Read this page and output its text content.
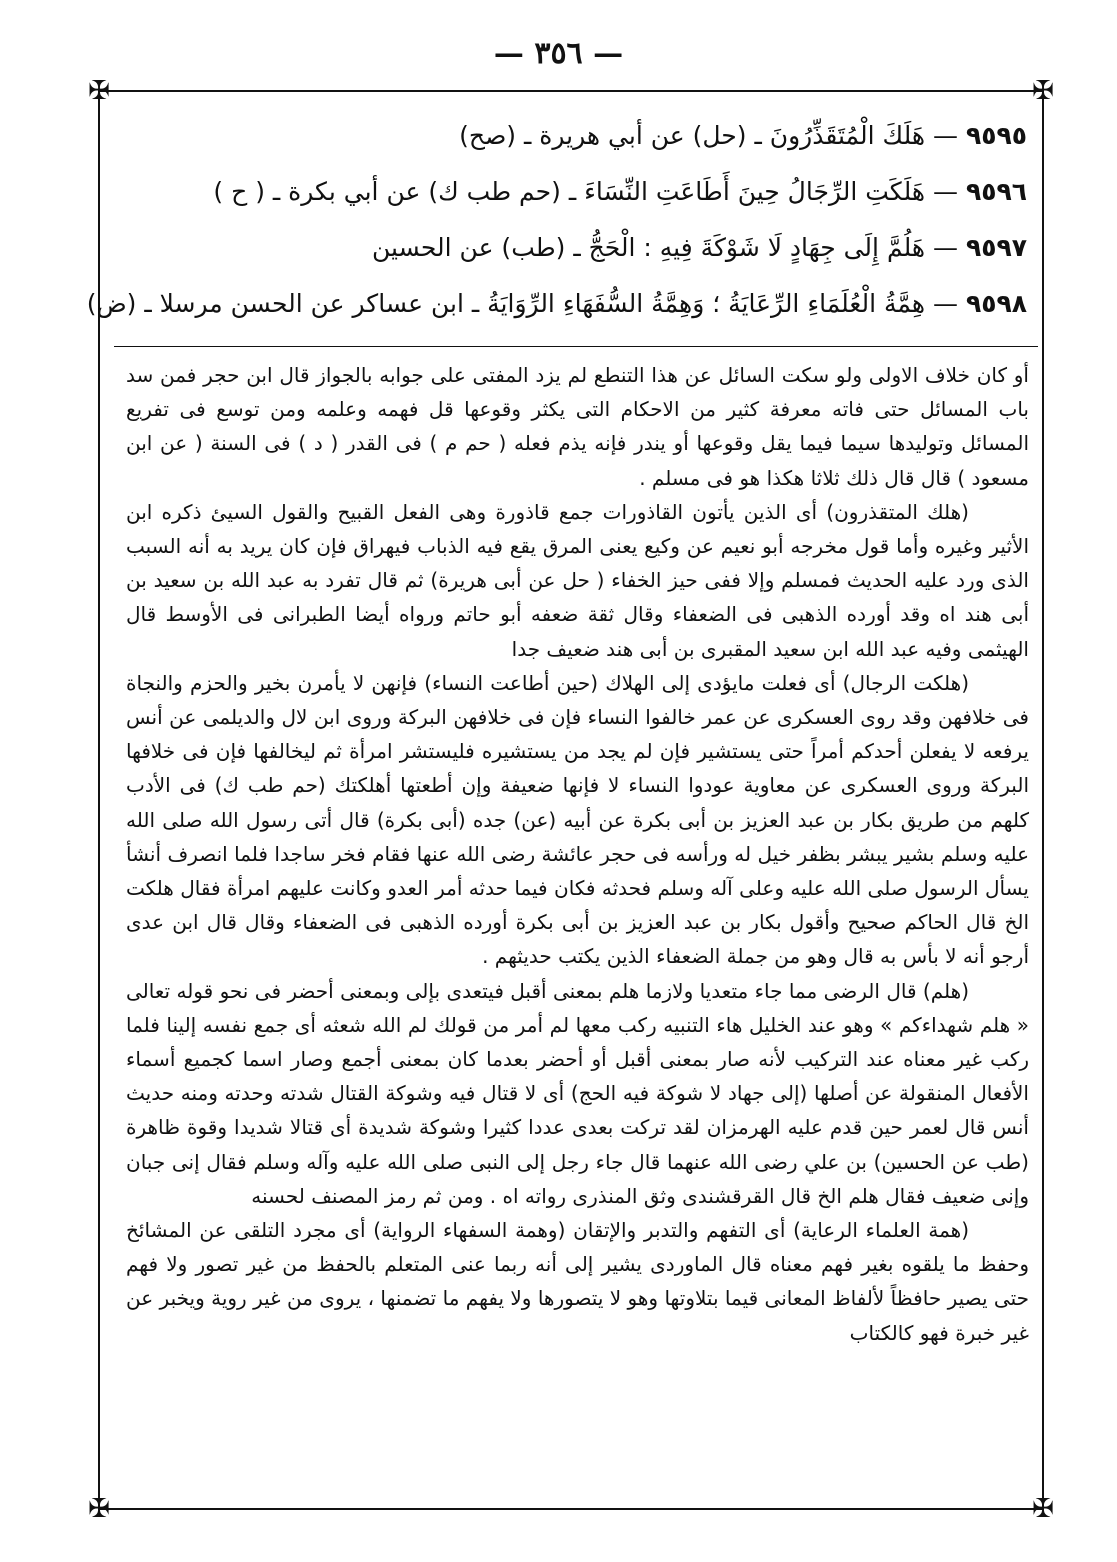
— ٣٥٦ —
✠	✠
✠	✠
٩٥٩٥ — هَلَكَ الْمُتَقَذِّرُونَ ـ (حل) عن أبي هريرة ـ (صح)
٩٥٩٦ — هَلَكَتِ الرِّجَالُ حِينَ أَطَاعَتِ النِّسَاءَ ـ (حم طب ك) عن أبي بكرة ـ ( ح )
٩٥٩٧ — هَلُمَّ إِلَى جِهَادٍ لَا شَوْكَةَ فِيهِ : الْحَجُّ ـ (طب) عن الحسين
٩٥٩٨ — هِمَّةُ الْعُلَمَاءِ الرِّعَايَةُ ؛ وَهِمَّةُ السُّفَهَاءِ الرِّوَايَةُ ـ ابن عساكر عن الحسن مرسلا ـ (ض)

أو كان خلاف الاولى ولو سكت السائل عن هذا التنطع لم يزد المفتى على جوابه بالجواز قال ابن حجر فمن سد باب المسائل حتى فاته معرفة كثير من الاحكام التى يكثر وقوعها قل فهمه وعلمه ومن توسع فى تفريع المسائل وتوليدها سيما فيما يقل وقوعها أو يندر فإنه يذم فعله ( حم م ) فى القدر ( د ) فى السنة ( عن ابن مسعود ) قال قال ذلك ثلاثا هكذا هو فى مسلم .

(هلك المتقذرون) أى الذين يأتون القاذورات جمع قاذورة وهى الفعل القبيح والقول السيئ ذكره ابن الأثير وغيره وأما قول مخرجه أبو نعيم عن وكيع يعنى المرق يقع فيه الذباب فيهراق فإن كان يريد به أنه السبب الذى ورد عليه الحديث فمسلم وإلا ففى حيز الخفاء ( حل عن أبى هريرة) ثم قال تفرد به عبد الله بن سعيد بن أبى هند اه وقد أورده الذهبى فى الضعفاء وقال ثقة ضعفه أبو حاتم ورواه أيضا الطبرانى فى الأوسط قال الهيثمى وفيه عبد الله ابن سعيد المقبرى بن أبى هند ضعيف جدا

(هلكت الرجال) أى فعلت مايؤدى إلى الهلاك (حين أطاعت النساء) فإنهن لا يأمرن بخير والحزم والنجاة فى خلافهن وقد روى العسكرى عن عمر خالفوا النساء فإن فى خلافهن البركة وروى ابن لال والديلمى عن أنس يرفعه لا يفعلن أحدكم أمراً حتى يستشير فإن لم يجد من يستشيره فليستشر امرأة ثم ليخالفها فإن فى خلافها البركة وروى العسكرى عن معاوية عودوا النساء لا فإنها ضعيفة وإن أطعتها أهلكتك (حم طب ك) فى الأدب كلهم من طريق بكار بن عبد العزيز بن أبى بكرة عن أبيه (عن) جده (أبى بكرة) قال أتى رسول الله صلى الله عليه وسلم بشير يبشر بظفر خيل له ورأسه فى حجر عائشة رضى الله عنها فقام فخر ساجدا فلما انصرف أنشأ يسأل الرسول صلى الله عليه وعلى آله وسلم فحدثه فكان فيما حدثه أمر العدو وكانت عليهم امرأة فقال هلكت الخ قال الحاكم صحيح وأقول بكار بن عبد العزيز بن أبى بكرة أورده الذهبى فى الضعفاء وقال قال ابن عدى أرجو أنه لا بأس به قال وهو من جملة الضعفاء الذين يكتب حديثهم .

(هلم) قال الرضى مما جاء متعديا ولازما هلم بمعنى أقبل فيتعدى بإلى وبمعنى أحضر فى نحو قوله تعالى « هلم شهداءكم » وهو عند الخليل هاء التنبيه ركب معها لم أمر من قولك لم الله شعثه أى جمع نفسه إلينا فلما ركب غير معناه عند التركيب لأنه صار بمعنى أقبل أو أحضر بعدما كان بمعنى أجمع وصار اسما كجميع أسماء الأفعال المنقولة عن أصلها (إلى جهاد لا شوكة فيه الحج) أى لا قتال فيه وشوكة القتال شدته وحدته ومنه حديث أنس قال لعمر حين قدم عليه الهرمزان لقد تركت بعدى عددا كثيرا وشوكة شديدة أى قتالا شديدا وقوة ظاهرة (طب عن الحسين) بن علي رضى الله عنهما قال جاء رجل إلى النبى صلى الله عليه وآله وسلم فقال إنى جبان وإنى ضعيف فقال هلم الخ قال القرقشندى وثق المنذرى رواته اه . ومن ثم رمز المصنف لحسنه

(همة العلماء الرعاية) أى التفهم والتدبر والإتقان (وهمة السفهاء الرواية) أى مجرد التلقى عن المشائخ وحفظ ما يلقوه بغير فهم معناه قال الماوردى يشير إلى أنه ربما عنى المتعلم بالحفظ من غير تصور ولا فهم حتى يصير حافظاً لألفاظ المعانى قيما بتلاوتها وهو لا يتصورها ولا يفهم ما تضمنها ، يروى من غير روية ويخبر عن غير خبرة فهو كالكتاب
